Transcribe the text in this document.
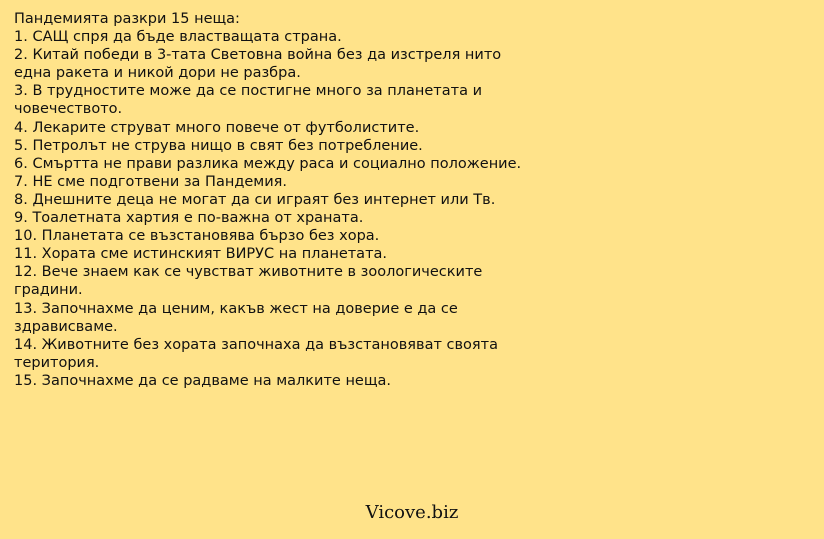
Пандемията разкри 15 неща:
1. САЩ спря да бъде властващата страна.
2. Китай победи в 3-тата Световна война без да изстреля нито
една ракета и никой дори не разбра.
3. В трудностите може да се постигне много за планетата и
човечеството.
4. Лекарите струват много повече от футболистите.
5. Петролът не струва нищо в свят без потребление.
6. Смъртта не прави разлика между раса и социално положение.
7. НЕ сме подготвени за Пандемия.
8. Днешните деца не могат да си играят без интернет или Тв.
9. Тоалетната хартия е по-важна от храната.
10. Планетата се възстановява бързо без хора.
11. Хората сме истинският ВИРУС на планетата.
12. Вече знаем как се чувстват животните в зоологическите
градини.
13. Започнахме да ценим, какъв жест на доверие е да се
здрависваме.
14. Животните без хората започнаха да възстановяват своята
територия.
15. Започнахме да се радваме на малките неща.
Vicove.biz
